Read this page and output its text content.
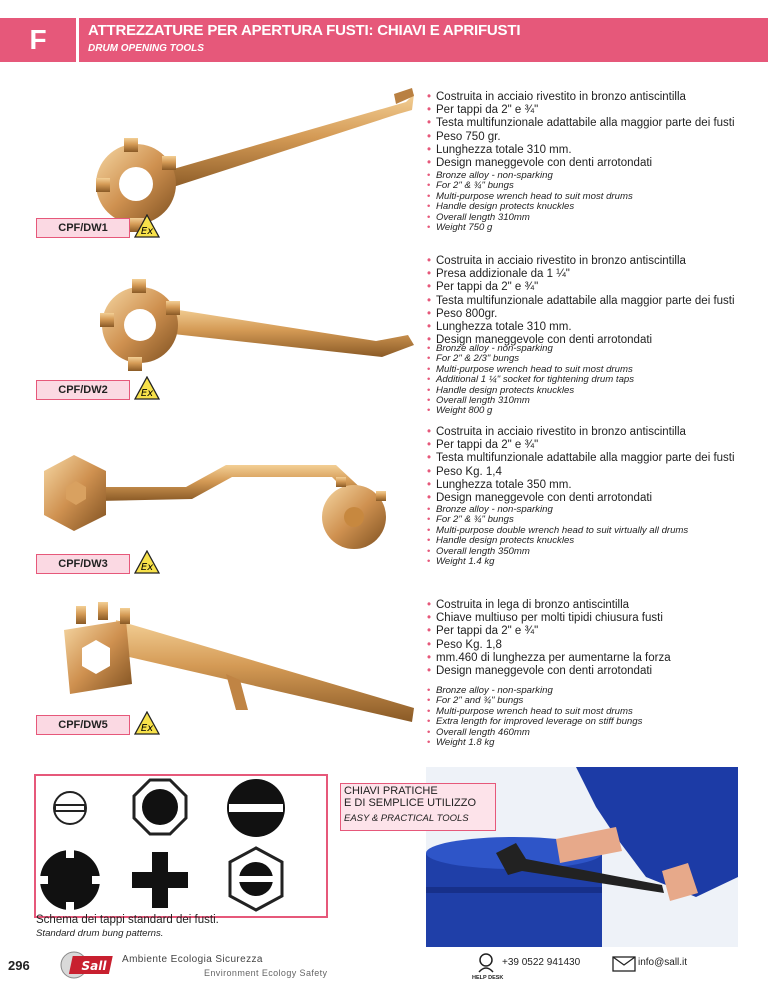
F	ATTREZZATURE PER APERTURA FUSTI: CHIAVI E APRIFUSTI
DRUM OPENING TOOLS
CPF/DW1	Ex
• Costruita in acciaio rivestito in bronzo antiscintilla
• Per tappi da 2" e ¾"
• Testa multifunzionale adattabile alla maggior parte dei fusti
• Peso 750 gr.
• Lunghezza totale 310 mm.
• Design maneggevole con denti arrotondati
• Bronze alloy - non-sparking
• For 2" & ¾" bungs
• Multi-purpose wrench head to suit most drums
• Handle design protects knuckles
• Overall length 310mm
• Weight 750 g
CPF/DW2	Ex
• Costruita in acciaio rivestito in bronzo antiscintilla
• Presa addizionale da 1 ¼"
• Per tappi da 2" e ¾"
• Testa multifunzionale adattabile alla maggior parte dei fusti
• Peso 800gr.
• Lunghezza totale 310 mm.
• Design maneggevole con denti arrotondati
• Bronze alloy - non-sparking
• For 2" & 2/3" bungs
• Multi-purpose wrench head to suit most drums
• Additional 1 ¼" socket for tightening drum taps
• Handle design protects knuckles
• Overall length 310mm
• Weight 800 g
CPF/DW3	Ex
• Costruita in acciaio rivestito in bronzo antiscintilla
• Per tappi da 2" e ¾"
• Testa multifunzionale adattabile alla maggior parte dei fusti
• Peso Kg. 1,4
• Lunghezza totale 350 mm.
• Design maneggevole con denti arrotondati
• Bronze alloy - non-sparking
• For 2" & ¾" bungs
• Multi-purpose double wrench head to suit virtually all drums
• Handle design protects knuckles
• Overall length 350mm
• Weight 1.4 kg
CPF/DW5	Ex
• Costruita in lega di bronzo antiscintilla
• Chiave multiuso per molti tipidi chiusura fusti
• Per tappi da 2" e ¾"
• Peso Kg. 1,8
• mm.460 di lunghezza per aumentarne la forza
• Design maneggevole con denti arrotondati
• Bronze alloy - non-sparking
• For 2" and ¾" bungs
• Multi-purpose wrench head to suit most drums
• Extra length for improved leverage on stiff bungs
• Overall length 460mm
• Weight 1.8 kg
Schema dei tappi standard dei fusti.
Standard drum bung patterns.
CHIAVI PRATICHE
E DI SEMPLICE UTILIZZO
EASY & PRACTICAL TOOLS
296	Sall Ambiente Ecologia Sicurezza
Environment Ecology Safety	HELP DESK
+39 0522 941430	info@sall.it
